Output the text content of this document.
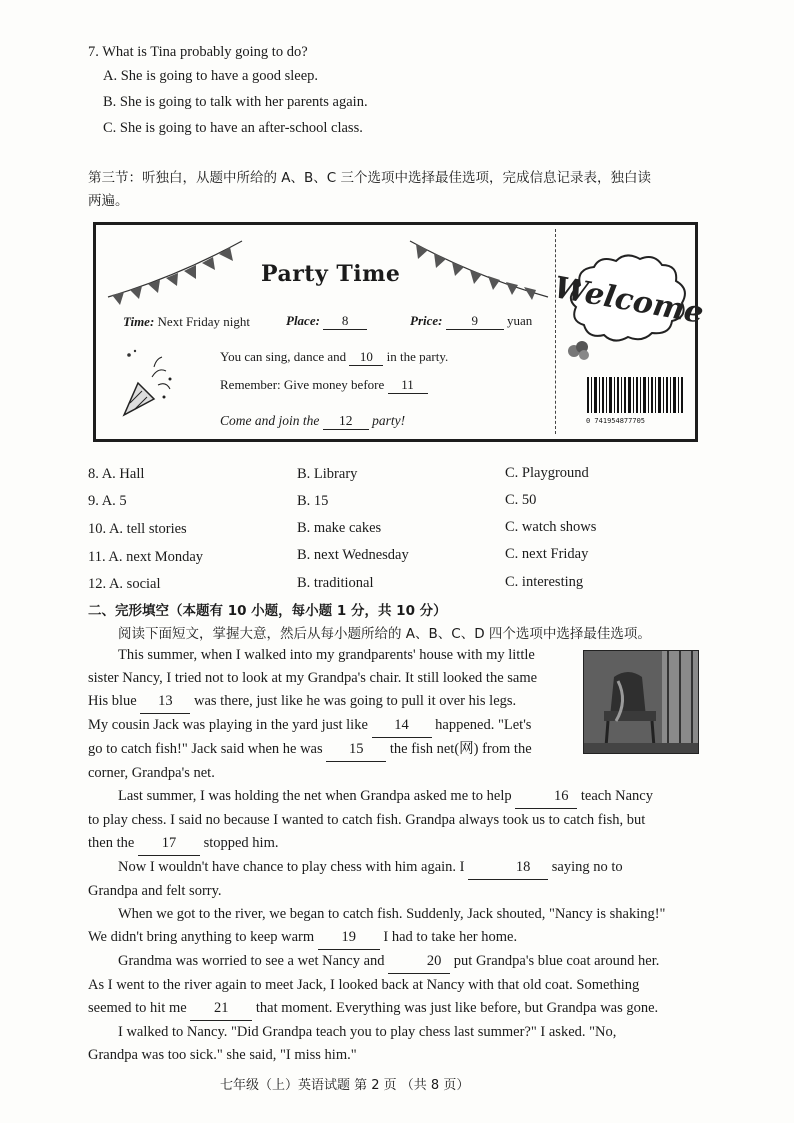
7. What is Tina probably going to do?
A. She is going to have a good sleep.
B. She is going to talk with her parents again.
C. She is going to have an after-school class.
第三节：听独白，从题中所给的 A、B、C 三个选项中选择最佳选项，完成信息记录表，独白读
两遍。
Party Time
Time: Next Friday night	Place: 8	Price: 9 yuan
You can sing, dance and 10 in the party.
Remember: Give money before 11
Come and join the 12 party!
Welcome
0 741954877705
8. A. Hall	B. Library	C. Playground
9. A. 5	B. 15	C. 50
10. A. tell stories	B. make cakes	C. watch shows
11. A. next Monday	B. next Wednesday	C. next Friday
12. A. social	B. traditional	C. interesting
二、完形填空（本题有 10 小题，每小题 1 分，共 10 分）
阅读下面短文，掌握大意，然后从每小题所给的 A、B、C、D 四个选项中选择最佳选项。

This summer, when I walked into my grandparents' house with my little

sister Nancy, I tried not to look at my Grandpa's chair. It still looked the same

His blue 13 was there, just like he was going to pull it over his legs.

My cousin Jack was playing in the yard just like 14 happened. "Let's

go to catch fish!" Jack said when he was 15 the fish net(网) from the

corner, Grandpa's net.

Last summer, I was holding the net when Grandpa asked me to help	16 teach Nancy

to play chess. I said no because I wanted to catch fish. Grandpa always took us to catch fish, but

then the 17 stopped him.

Now I wouldn't have chance to play chess with him again. I	18 saying no to

Grandpa and felt sorry.

When we got to the river, we began to catch fish. Suddenly, Jack shouted, "Nancy is shaking!"

We didn't bring anything to keep warm 19 I had to take her home.

Grandma was worried to see a wet Nancy and	20 put Grandpa's blue coat around her.

As I went to the river again to meet Jack, I looked back at Nancy with that old coat. Something

seemed to hit me 21 that moment. Everything was just like before, but Grandpa was gone.

I walked to Nancy. "Did Grandpa teach you to play chess last summer?" I asked. "No,

Grandpa was too sick." she said, "I miss him."

七年级（上）英语试题 第 2 页 （共 8 页）
